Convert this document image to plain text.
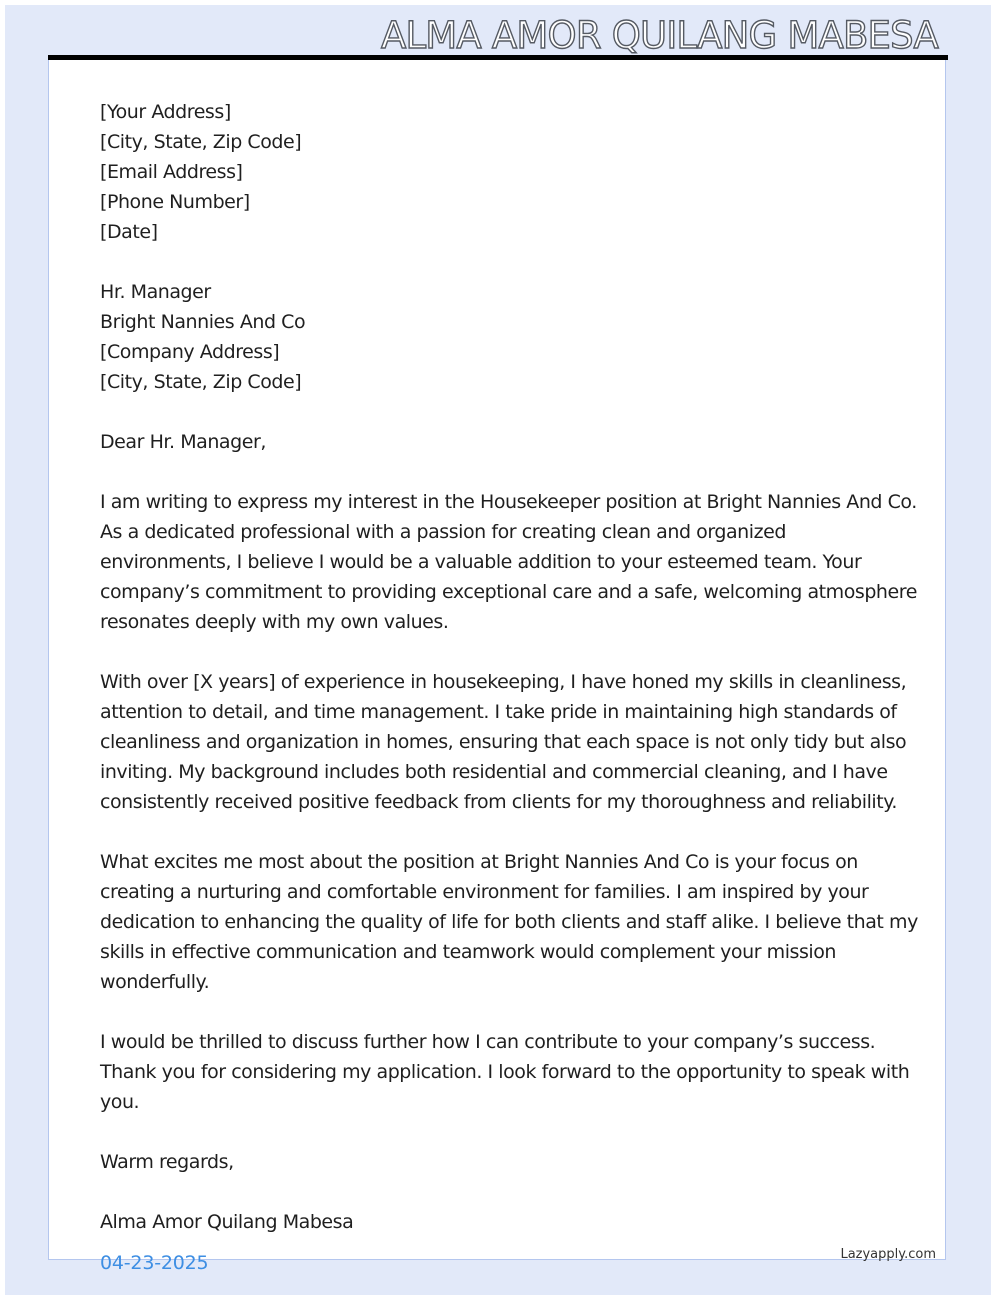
ALMA AMOR QUILANG MABESA
[Your Address]
[City, State, Zip Code]
[Email Address]
[Phone Number]
[Date]
Hr. Manager
Bright Nannies And Co
[Company Address]
[City, State, Zip Code]
Dear Hr. Manager,

I am writing to express my interest in the Housekeeper position at Bright Nannies And Co. As a dedicated professional with a passion for creating clean and organized environments, I believe I would be a valuable addition to your esteemed team. Your company’s commitment to providing exceptional care and a safe, welcoming atmosphere resonates deeply with my own values.

With over [X years] of experience in housekeeping, I have honed my skills in cleanliness, attention to detail, and time management. I take pride in maintaining high standards of cleanliness and organization in homes, ensuring that each space is not only tidy but also inviting. My background includes both residential and commercial cleaning, and I have consistently received positive feedback from clients for my thoroughness and reliability.

What excites me most about the position at Bright Nannies And Co is your focus on creating a nurturing and comfortable environment for families. I am inspired by your dedication to enhancing the quality of life for both clients and staff alike. I believe that my skills in effective communication and teamwork would complement your mission wonderfully.

I would be thrilled to discuss further how I can contribute to your company’s success. Thank you for considering my application. I look forward to the opportunity to speak with you.

Warm regards,
Alma Amor Quilang Mabesa
04-23-2025	Lazyapply.com
